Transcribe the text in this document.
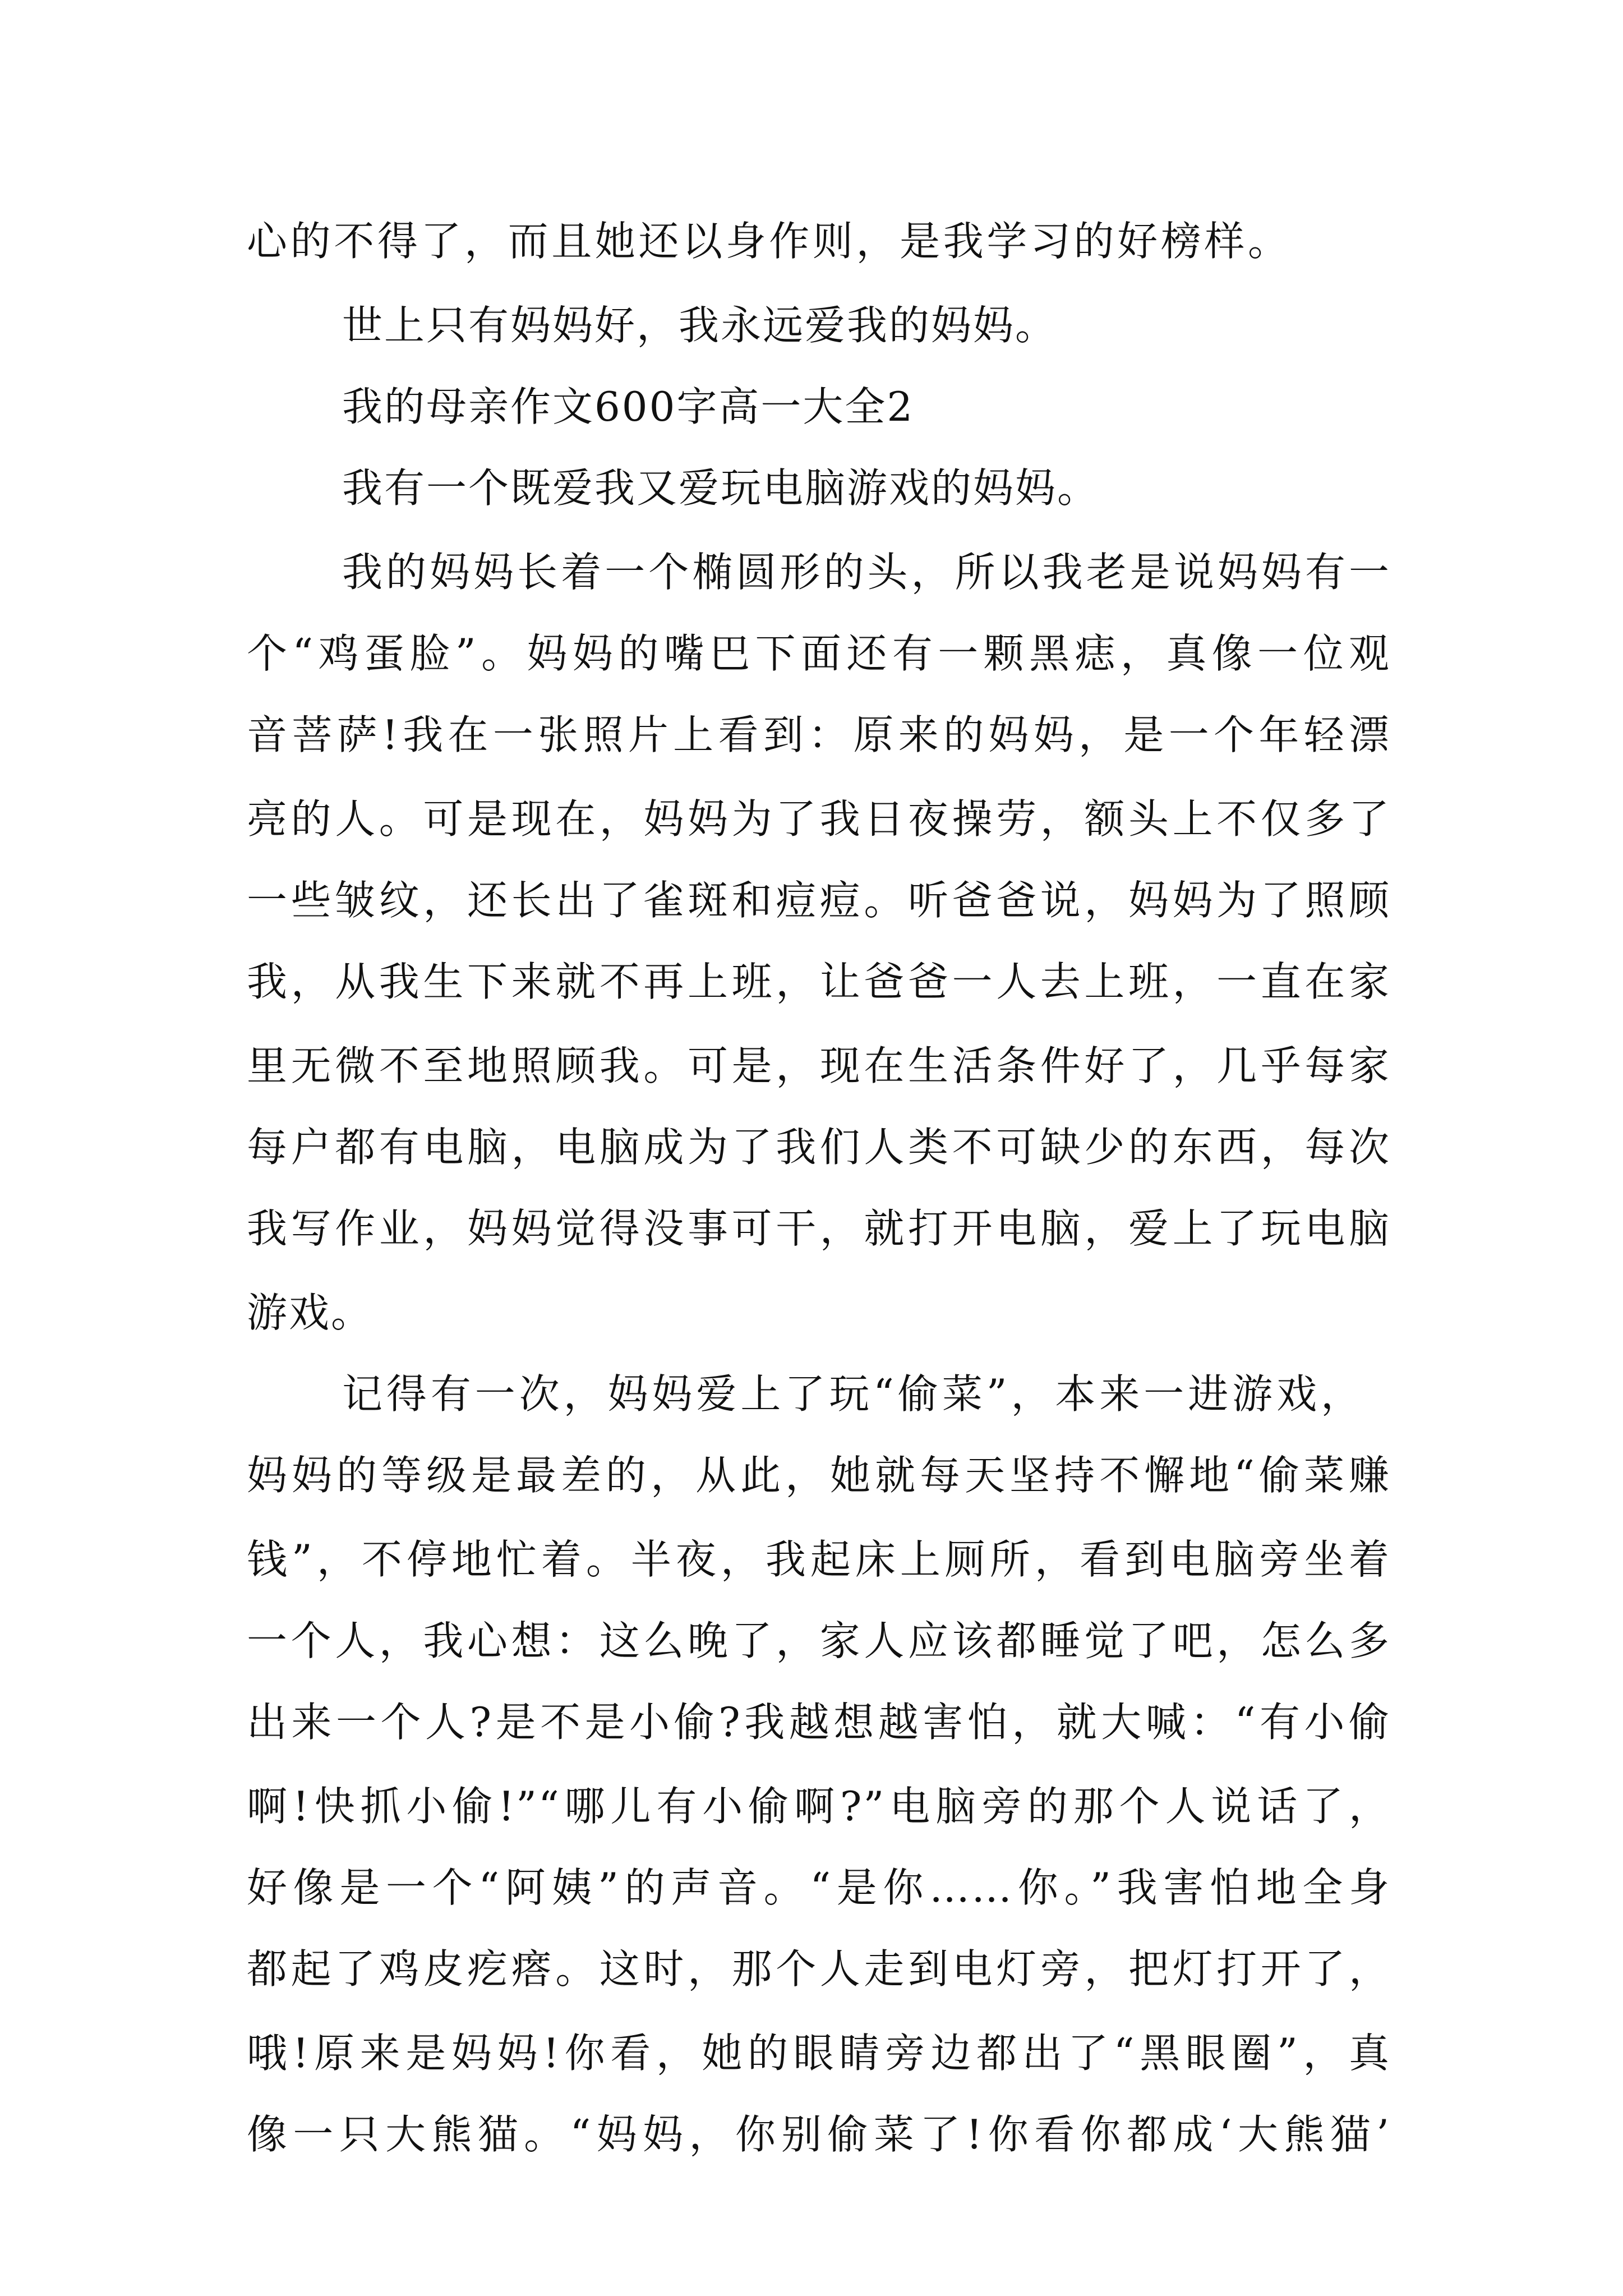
心的不得了，而且她还以身作则，是我学习的好榜样。
世上只有妈妈好，我永远爱我的妈妈。
我的母亲作文600字高一大全2
我有一个既爱我又爱玩电脑游戏的妈妈。
我的妈妈长着一个椭圆形的头，所以我老是说妈妈有一
个“鸡蛋脸”。妈妈的嘴巴下面还有一颗黑痣，真像一位观
音菩萨!我在一张照片上看到：原来的妈妈，是一个年轻漂
亮的人。可是现在，妈妈为了我日夜操劳，额头上不仅多了
一些皱纹，还长出了雀斑和痘痘。听爸爸说，妈妈为了照顾
我，从我生下来就不再上班，让爸爸一人去上班，一直在家
里无微不至地照顾我。可是，现在生活条件好了，几乎每家
每户都有电脑，电脑成为了我们人类不可缺少的东西，每次
我写作业，妈妈觉得没事可干，就打开电脑，爱上了玩电脑
游戏。
记得有一次，妈妈爱上了玩“偷菜”，本来一进游戏，
妈妈的等级是最差的，从此，她就每天坚持不懈地“偷菜赚
钱”，不停地忙着。半夜，我起床上厕所，看到电脑旁坐着
一个人，我心想：这么晚了，家人应该都睡觉了吧，怎么多
出来一个人?是不是小偷?我越想越害怕，就大喊：“有小偷
啊!快抓小偷!”“哪儿有小偷啊?”电脑旁的那个人说话了，
好像是一个“阿姨”的声音。“是你……你。”我害怕地全身
都起了鸡皮疙瘩。这时，那个人走到电灯旁，把灯打开了，
哦!原来是妈妈!你看，她的眼睛旁边都出了“黑眼圈”，真
像一只大熊猫。“妈妈，你别偷菜了!你看你都成‘大熊猫’
